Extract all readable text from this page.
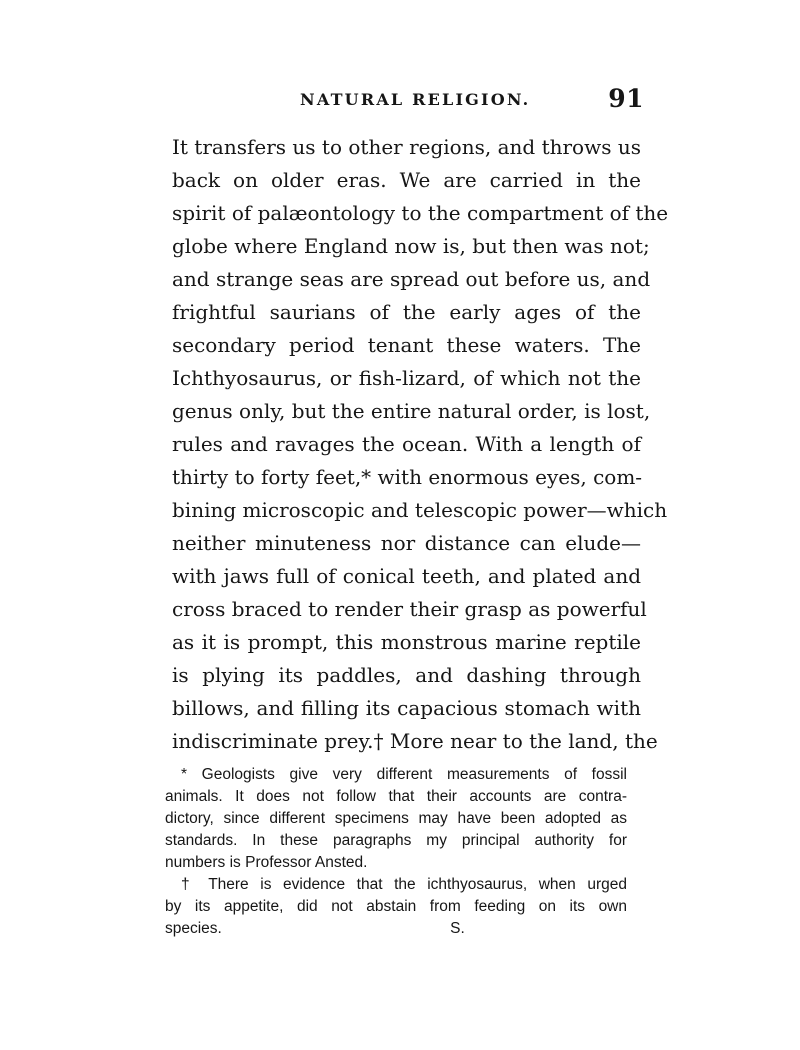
NATURAL RELIGION.	91
It transfers us to other regions, and throws us
back on older eras. We are carried in the
spirit of palæontology to the compartment of the
globe where England now is, but then was not;
and strange seas are spread out before us, and
frightful saurians of the early ages of the
secondary period tenant these waters. The
Ichthyosaurus, or fish-lizard, of which not the
genus only, but the entire natural order, is lost,
rules and ravages the ocean. With a length of
thirty to forty feet,* with enormous eyes, com-
bining microscopic and telescopic power—which
neither minuteness nor distance can elude—
with jaws full of conical teeth, and plated and
cross braced to render their grasp as powerful
as it is prompt, this monstrous marine reptile
is plying its paddles, and dashing through
billows, and filling its capacious stomach with
indiscriminate prey.† More near to the land, the
* Geologists give very different measurements of fossil
animals. It does not follow that their accounts are contra-
dictory, since different specimens may have been adopted as
standards. In these paragraphs my principal authority for
numbers is Professor Ansted.
† There is evidence that the ichthyosaurus, when urged
by its appetite, did not abstain from feeding on its own
species.                                                     S.
